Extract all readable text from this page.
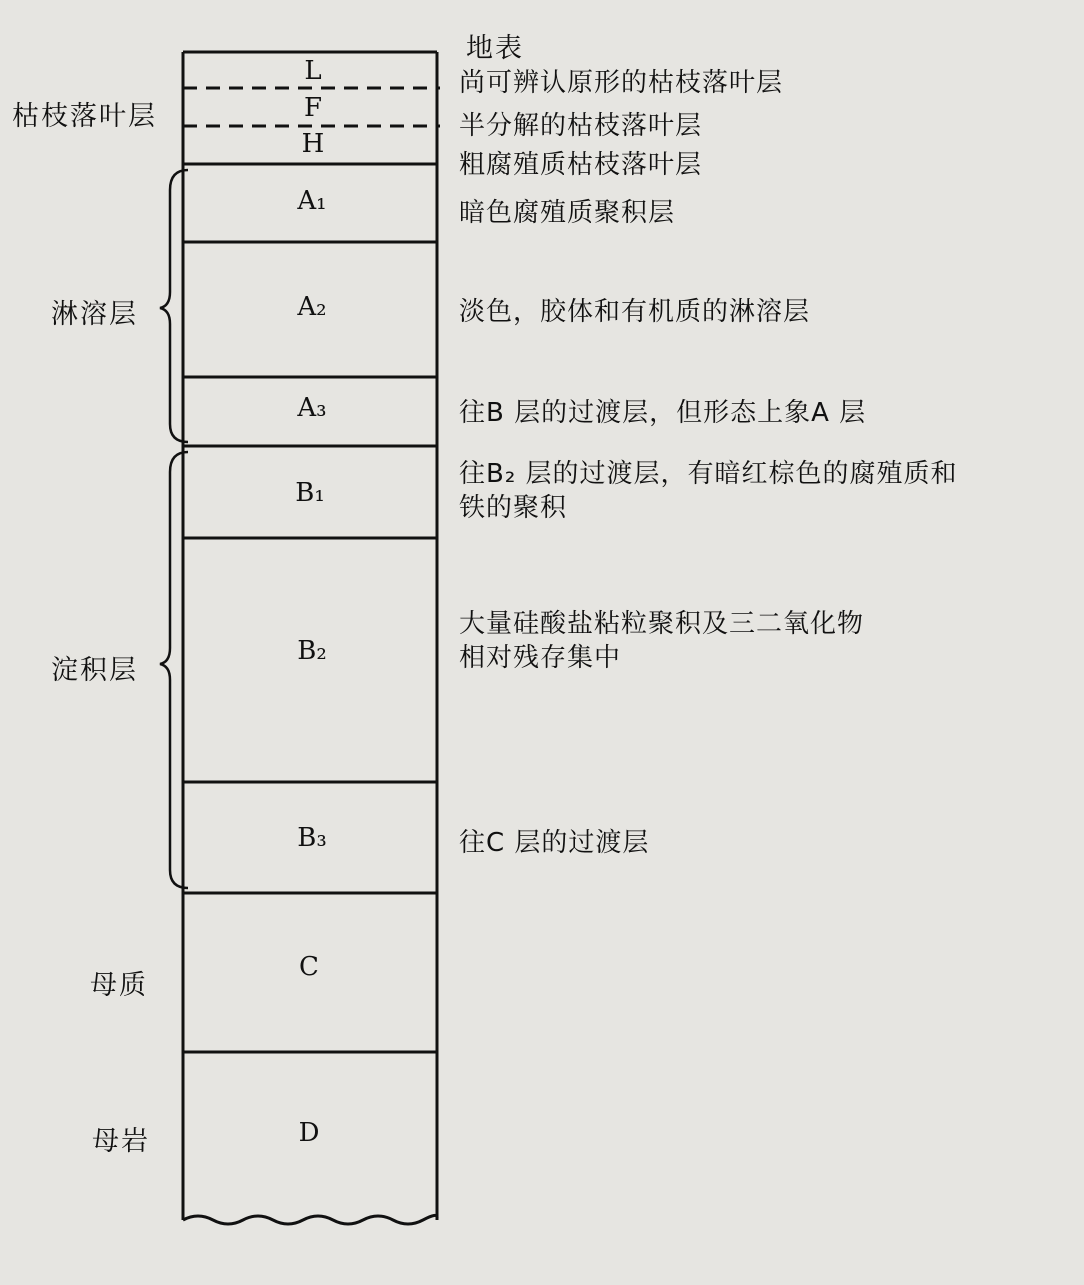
地表
L
F
H
A₁
A₂
A₃
B₁
B₂
B₃
C
D
尚可辨认原形的枯枝落叶层
半分解的枯枝落叶层
粗腐殖质枯枝落叶层
暗色腐殖质聚积层
淡色，胶体和有机质的淋溶层
往B 层的过渡层，但形态上象A 层
往B₂ 层的过渡层，有暗红棕色的腐殖质和
铁的聚积
大量硅酸盐粘粒聚积及三二氧化物
相对残存集中
往C 层的过渡层
枯枝落叶层
淋溶层
淀积层
母质
母岩
